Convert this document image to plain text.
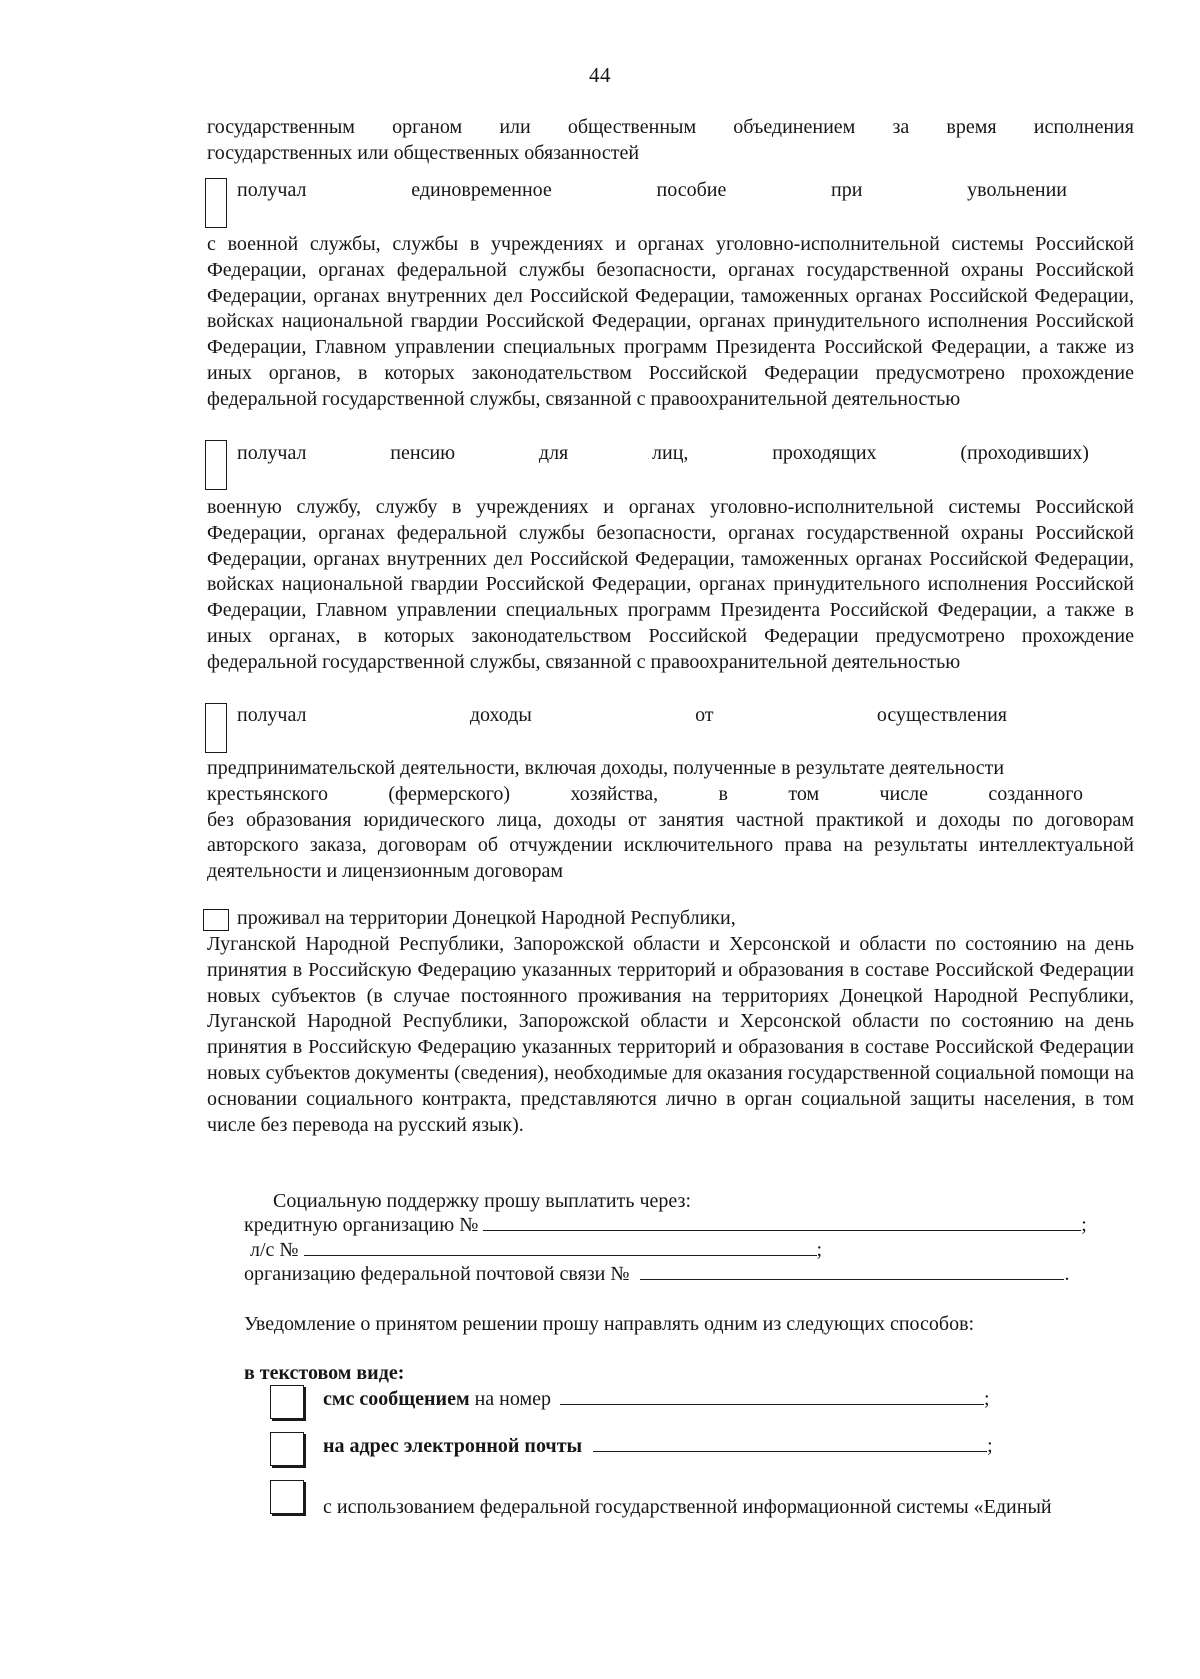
44
государственным органом или общественным объединением за время исполнения

государственных или общественных обязанностей

получал	единовременное	пособие	при	увольнении
с военной службы, службы в учреждениях и органах уголовно-исполнительной системы Российской Федерации, органах федеральной службы безопасности, органах государственной охраны Российской Федерации, органах внутренних дел Российской Федерации, таможенных органах Российской Федерации, войсках национальной гвардии Российской Федерации, органах принудительного исполнения Российской Федерации, Главном управлении специальных программ Президента Российской Федерации, а также из иных органов, в которых законодательством Российской Федерации предусмотрено прохождение федеральной государственной службы, связанной с правоохранительной деятельностью
получал	пенсию	для	лиц,	проходящих	(проходивших)
военную службу, службу в учреждениях и органах уголовно-исполнительной системы Российской Федерации, органах федеральной службы безопасности, органах государственной охраны Российской Федерации, органах внутренних дел Российской Федерации, таможенных органах Российской Федерации, войсках национальной гвардии Российской Федерации, органах принудительного исполнения Российской Федерации, Главном управлении специальных программ Президента Российской Федерации, а также в иных органах, в которых законодательством Российской Федерации предусмотрено прохождение федеральной государственной службы, связанной с правоохранительной деятельностью
получал	доходы	от	осуществления

предпринимательской деятельности, включая доходы, полученные в результате деятельности

крестьянского	(фермерского)	хозяйства,	в	том	числе	созданного

без образования юридического лица, доходы от занятия частной практикой и доходы по договорам авторского заказа, договорам об отчуждении исключительного права на результаты интеллектуальной деятельности и лицензионным договорам

проживал на территории Донецкой Народной Республики,
Луганской Народной Республики, Запорожской области и Херсонской и области по состоянию на день принятия в Российскую Федерацию указанных территорий и образования в составе Российской Федерации новых субъектов (в случае постоянного проживания на территориях Донецкой Народной Республики, Луганской Народной Республики, Запорожской области и Херсонской области по состоянию на день принятия в Российскую Федерацию указанных территорий и образования в составе Российской Федерации новых субъектов документы (сведения), необходимые для оказания государственной социальной помощи на основании социального контракта, представляются лично в орган социальной защиты населения, в том числе без перевода на русский язык).
Социальную поддержку прошу выплатить через:
кредитную организацию №	;
л/с №	;
организацию федеральной почтовой связи №	.
Уведомление о принятом решении прошу направлять одним из следующих способов:
в текстовом виде:
смс сообщением на номер	;
на адрес электронной почты	;
с использованием федеральной государственной информационной системы «Единый
